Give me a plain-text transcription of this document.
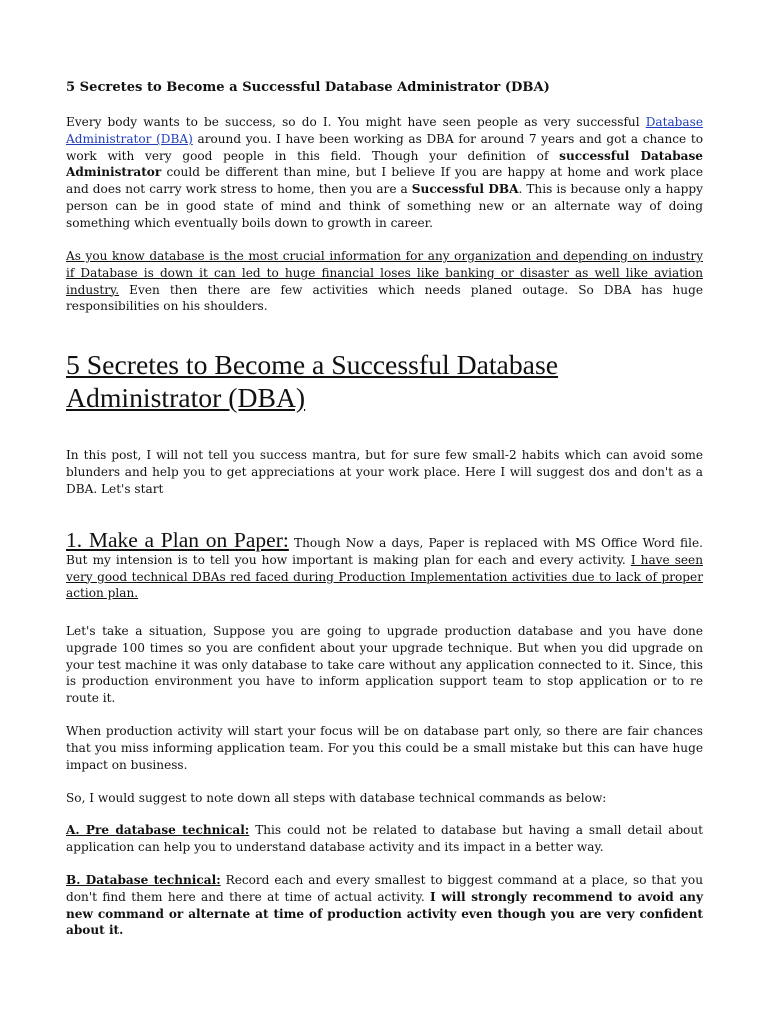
5 Secretes to Become a Successful Database Administrator (DBA)

Every body wants to be success, so do I. You might have seen people as very successful Database Administrator (DBA) around you. I have been working as DBA for around 7 years and got a chance to work with very good people in this field. Though your definition of successful Database Administrator could be different than mine, but I believe If you are happy at home and work place and does not carry work stress to home, then you are a Successful DBA. This is because only a happy person can be in good state of mind and think of something new or an alternate way of doing something which eventually boils down to growth in career.

As you know database is the most crucial information for any organization and depending on industry if Database is down it can led to huge financial loses like banking or disaster as well like aviation industry. Even then there are few activities which needs planed outage. So DBA has huge responsibilities on his shoulders.

5 Secretes to Become a Successful Database Administrator (DBA)

In this post, I will not tell you success mantra, but for sure few small-2 habits which can avoid some blunders and help you to get appreciations at your work place. Here I will suggest dos and don't as a DBA. Let's start

1. Make a Plan on Paper: Though Now a days, Paper is replaced with MS Office Word file. But my intension is to tell you how important is making plan for each and every activity. I have seen very good technical DBAs red faced during Production Implementation activities due to lack of proper action plan.

Let's take a situation, Suppose you are going to upgrade production database and you have done upgrade 100 times so you are confident about your upgrade technique. But when you did upgrade on your test machine it was only database to take care without any application connected to it. Since, this is production environment you have to inform application support team to stop application or to re route it.

When production activity will start your focus will be on database part only, so there are fair chances that you miss informing application team. For you this could be a small mistake but this can have huge impact on business.

So, I would suggest to note down all steps with database technical commands as below:

A. Pre database technical: This could not be related to database but having a small detail about application can help you to understand database activity and its impact in a better way.

B. Database technical: Record each and every smallest to biggest command at a place, so that you don't find them here and there at time of actual activity. I will strongly recommend to avoid any new command or alternate at time of production activity even though you are very confident about it.
